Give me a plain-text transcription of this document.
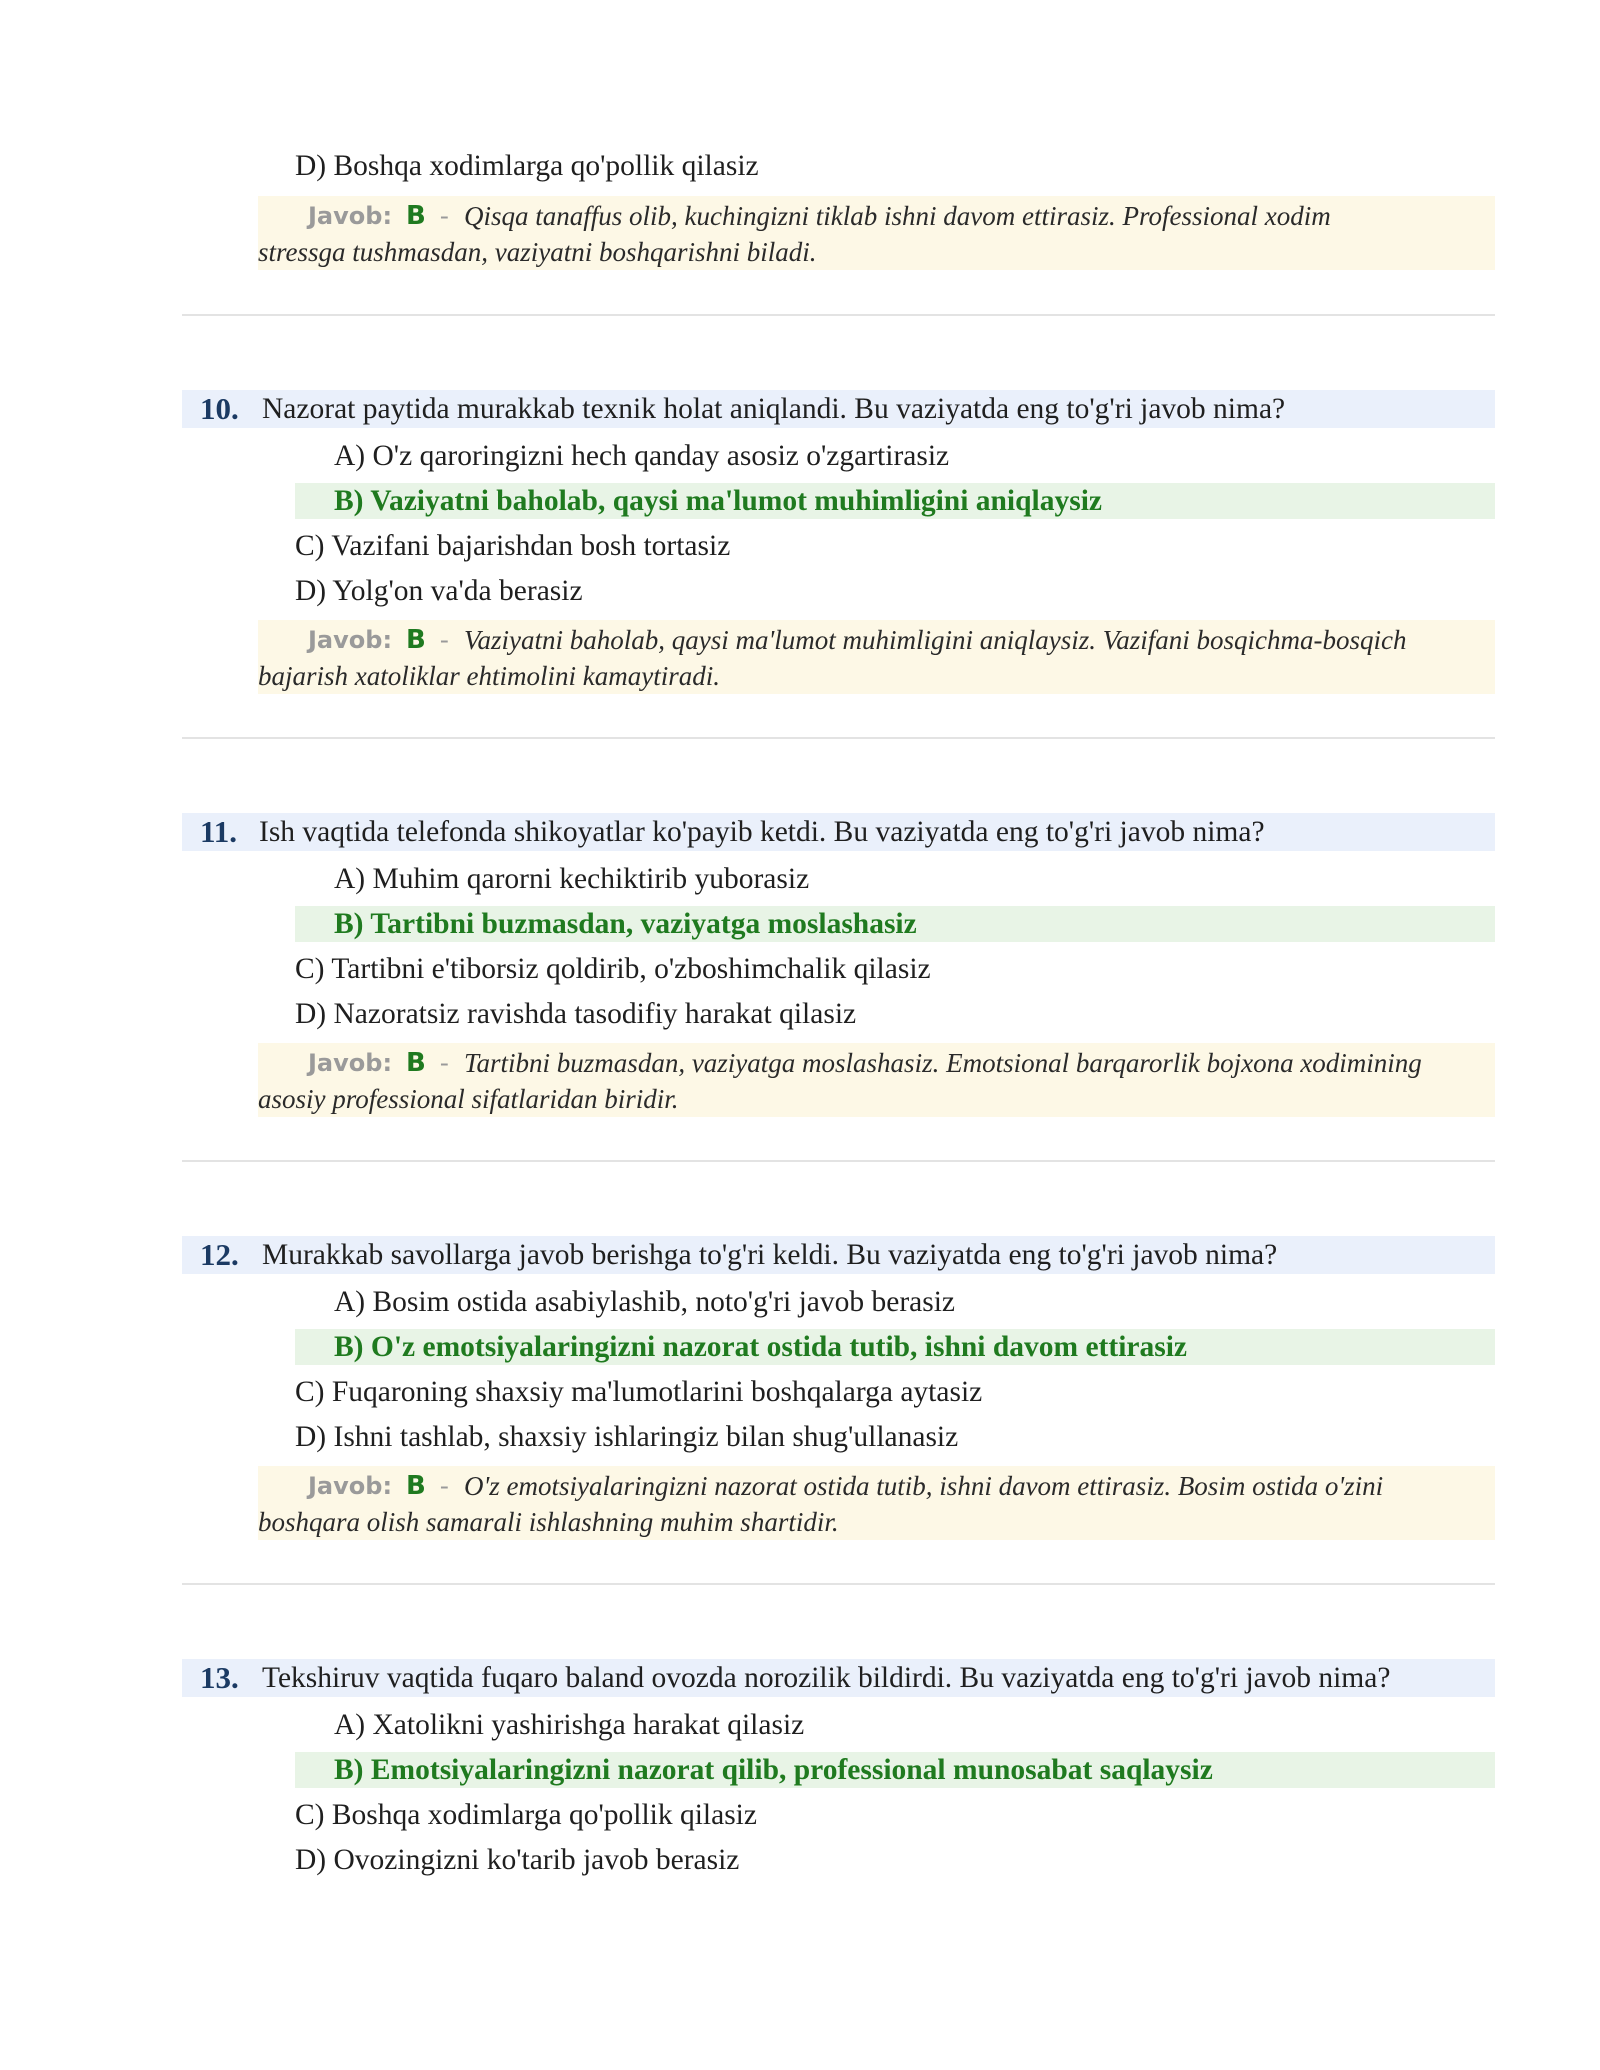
D) Boshqa xodimlarga qo'pollik qilasiz
Javob: B - Qisqa tanaffus olib, kuchingizni tiklab ishni davom ettirasiz. Professional xodim
stressga tushmasdan, vaziyatni boshqarishni biladi.
10. Nazorat paytida murakkab texnik holat aniqlandi. Bu vaziyatda eng to'g'ri javob nima?
A) O'z qaroringizni hech qanday asosiz o'zgartirasiz
B) Vaziyatni baholab, qaysi ma'lumot muhimligini aniqlaysiz
C) Vazifani bajarishdan bosh tortasiz
D) Yolg'on va'da berasiz
Javob: B - Vaziyatni baholab, qaysi ma'lumot muhimligini aniqlaysiz. Vazifani bosqichma-bosqich
bajarish xatoliklar ehtimolini kamaytiradi.
11. Ish vaqtida telefonda shikoyatlar ko'payib ketdi. Bu vaziyatda eng to'g'ri javob nima?
A) Muhim qarorni kechiktirib yuborasiz
B) Tartibni buzmasdan, vaziyatga moslashasiz
C) Tartibni e'tiborsiz qoldirib, o'zboshimchalik qilasiz
D) Nazoratsiz ravishda tasodifiy harakat qilasiz
Javob: B - Tartibni buzmasdan, vaziyatga moslashasiz. Emotsional barqarorlik bojxona xodimining
asosiy professional sifatlaridan biridir.
12. Murakkab savollarga javob berishga to'g'ri keldi. Bu vaziyatda eng to'g'ri javob nima?
A) Bosim ostida asabiylashib, noto'g'ri javob berasiz
B) O'z emotsiyalaringizni nazorat ostida tutib, ishni davom ettirasiz
C) Fuqaroning shaxsiy ma'lumotlarini boshqalarga aytasiz
D) Ishni tashlab, shaxsiy ishlaringiz bilan shug'ullanasiz
Javob: B - O'z emotsiyalaringizni nazorat ostida tutib, ishni davom ettirasiz. Bosim ostida o'zini
boshqara olish samarali ishlashning muhim shartidir.
13. Tekshiruv vaqtida fuqaro baland ovozda norozilik bildirdi. Bu vaziyatda eng to'g'ri javob nima?
A) Xatolikni yashirishga harakat qilasiz
B) Emotsiyalaringizni nazorat qilib, professional munosabat saqlaysiz
C) Boshqa xodimlarga qo'pollik qilasiz
D) Ovozingizni ko'tarib javob berasiz
